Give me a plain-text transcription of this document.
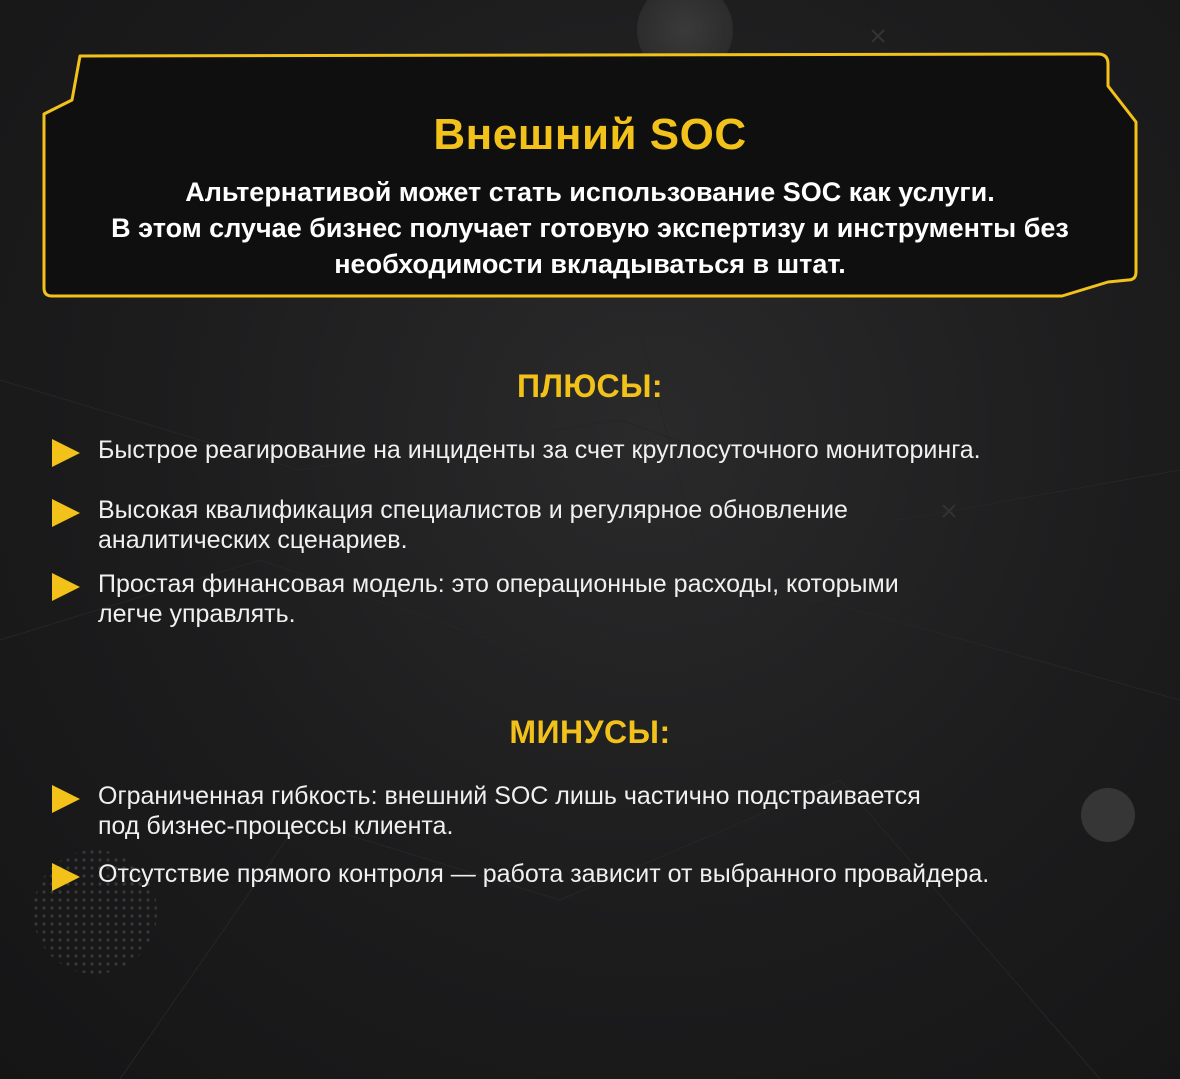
Внешний SOC
Альтернативой может стать использование SOC как услуги.
В этом случае бизнес получает готовую экспертизу и инструменты без
необходимости вкладываться в штат.
ПЛЮСЫ:
Быстрое реагирование на инциденты за счет круглосуточного мониторинга.
Высокая квалификация специалистов и регулярное обновление
аналитических сценариев.
Простая финансовая модель: это операционные расходы, которыми
легче управлять.
МИНУСЫ:
Ограниченная гибкость: внешний SOC лишь частично подстраивается
под бизнес-процессы клиента.
Отсутствие прямого контроля — работа зависит от выбранного провайдера.
